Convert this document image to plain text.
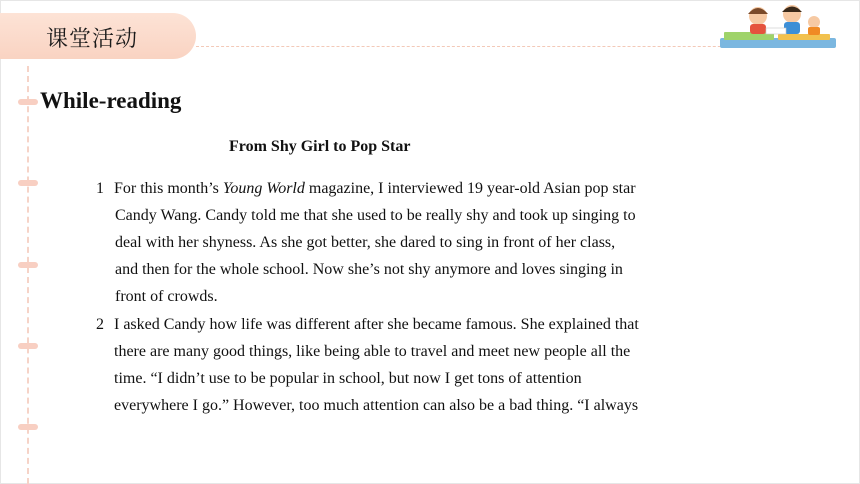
课堂活动
While-reading
From Shy Girl to Pop Star
1 For this month’s Young World magazine, I interviewed 19 year-old Asian pop star
Candy Wang. Candy told me that she used to be really shy and took up singing to
deal with her shyness. As she got better, she dared to sing in front of her class,
and then for the whole school. Now she’s not shy anymore and loves singing in
front of crowds.
2 I asked Candy how life was different after she became famous. She explained that
there are many good things, like being able to travel and meet new people all the
time. “I didn’t use to be popular in school, but now I get tons of attention
everywhere I go.” However, too much attention can also be a bad thing. “I always
